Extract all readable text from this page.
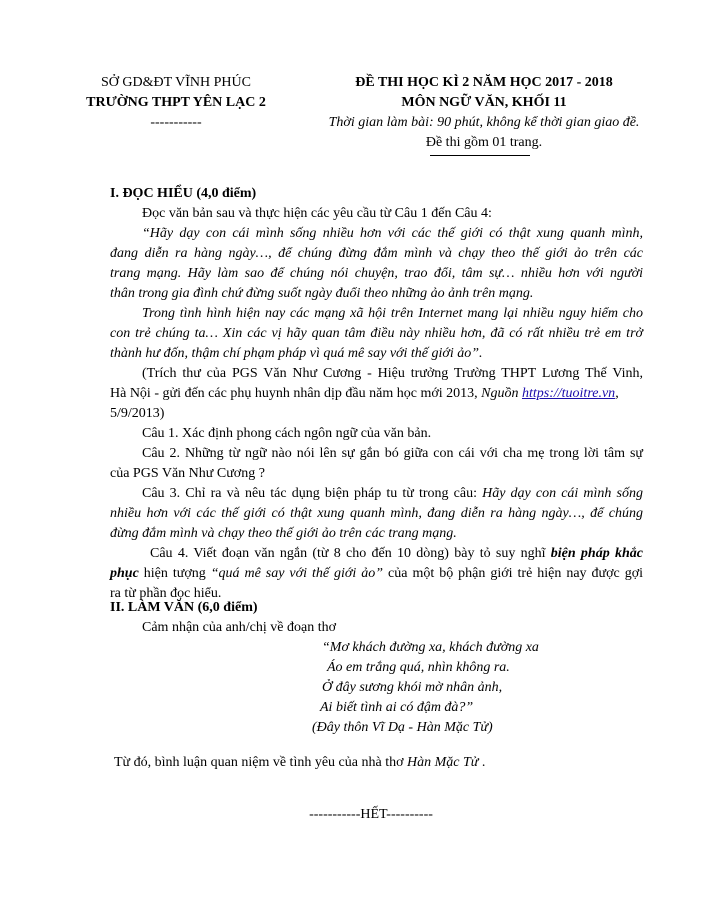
SỞ GD&ĐT VĨNH PHÚC
TRƯỜNG THPT YÊN LẠC 2
-----------
ĐỀ THI HỌC KÌ 2 NĂM HỌC 2017 - 2018
MÔN NGỮ VĂN, KHỐI 11
Thời gian làm bài: 90 phút, không kể thời gian giao đề.
Đề thi gồm 01 trang.
I. ĐỌC HIỂU (4,0 điểm)
Đọc văn bản sau và thực hiện các yêu cầu từ Câu 1 đến Câu 4:
“Hãy dạy con cái mình sống nhiều hơn với các thế giới có thật xung quanh mình,
đang diễn ra hàng ngày…, để chúng đừng đắm mình và chạy theo thế giới ảo trên các
trang mạng. Hãy làm sao để chúng nói chuyện, trao đổi, tâm sự… nhiều hơn với người
thân trong gia đình chứ đừng suốt ngày đuổi theo những ảo ảnh trên mạng.
Trong tình hình hiện nay các mạng xã hội trên Internet mang lại nhiều nguy hiểm cho
con trẻ chúng ta… Xin các vị hãy quan tâm điều này nhiều hơn, đã có rất nhiều trẻ em trở
thành hư đốn, thậm chí phạm pháp vì quá mê say với thế giới ảo”.
(Trích thư của PGS Văn Như Cương - Hiệu trưởng Trường THPT Lương Thế Vinh,
Hà Nội - gửi đến các phụ huynh nhân dịp đầu năm học mới 2013, Nguồn https://tuoitre.vn,
5/9/2013)
Câu 1. Xác định phong cách ngôn ngữ của văn bản.
Câu 2. Những từ ngữ nào nói lên sự gắn bó giữa con cái với cha mẹ trong lời tâm sự
của PGS Văn Như Cương ?
Câu 3. Chỉ ra và nêu tác dụng biện pháp tu từ trong câu: Hãy dạy con cái mình sống
nhiều hơn với các thế giới có thật xung quanh mình, đang diễn ra hàng ngày…, để chúng
đừng đắm mình và chạy theo thế giới ảo trên các trang mạng.
Câu 4. Viết đoạn văn ngắn (từ 8 cho đến 10 dòng) bày tỏ suy nghĩ biện pháp khắc
phục hiện tượng “quá mê say với thế giới ảo” của một bộ phận giới trẻ hiện nay được gợi
ra từ phần đọc hiểu.
II. LÀM VĂN (6,0 điểm)
Cảm nhận của anh/chị về đoạn thơ
“Mơ khách đường xa, khách đường xa
Áo em trắng quá, nhìn không ra.
Ở đây sương khói mờ nhân ảnh,
Ai biết tình ai có đậm đà?”
(Đây thôn Vĩ Dạ - Hàn Mặc Tử)
Từ đó, bình luận quan niệm về tình yêu của nhà thơ Hàn Mặc Tử .
-----------HẾT----------
